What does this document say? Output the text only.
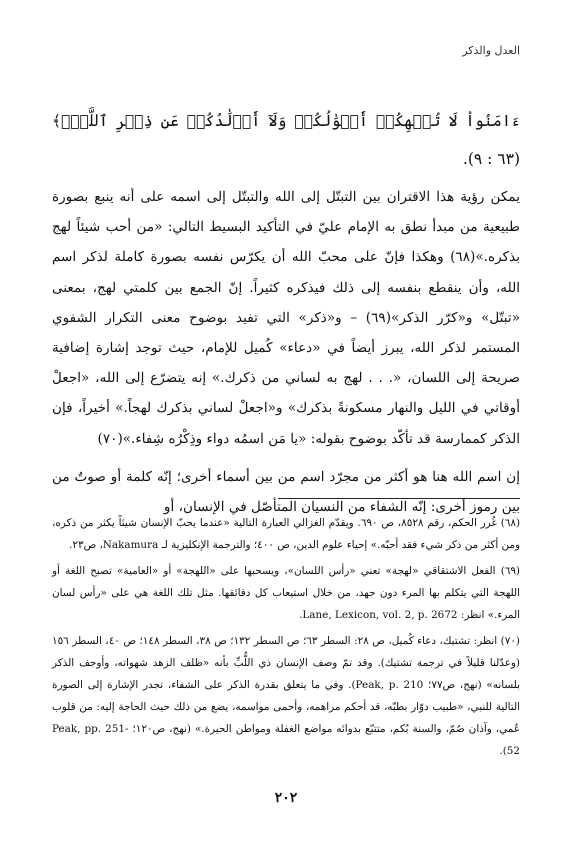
العدل والذكر

ءَامَنُواْ لَا تُلۡهِكُمۡ أَمۡوَٰلُكُمۡ وَلَآ أَوۡلَٰدُكُمۡ عَن ذِكۡرِ ٱللَّهِۚ﴾ (٦٣ : ٩).

يمكن رؤية هذا الاقتران بين التبتّل إلى الله والتبتّل إلى اسمه على أنه ينبع بصورة طبيعية من مبدأ نطق به الإمام عليّ في التأكيد البسيط التالي: «من أحب شيئاً لهج بذكره.»(٦٨) وهكذا فإنّ على محبّ الله أن يكرّس نفسه بصورة كاملة لذكر اسم الله، وأن ينقطع بنفسه إلى ذلك فيذكره كثيراً. إنّ الجمع بين كلمتي لهج، بمعنى «تبتّل» و«كرّر الذكر»(٦٩) – و«ذكر» التي تفيد بوضوح معنى التكرار الشفوي المستمر لذكر الله، يبرز أيضاً في «دعاء» كُميل للإمام، حيث توجد إشارة إضافية صريحة إلى اللسان، «. . . لهج به لساني من ذكرك.» إنه يتضرّع إلى الله، «اجعلْ أوقاتي في الليل والنهار مسكونةً بذكرك» و«اجعلْ لساني بذكرك لهجاً.» أخيراً، فإن الذكر كممارسة قد تأكّد بوضوح بقوله: «يا مَن اسمُه دواء وذِكْرُه شِفاء.»(٧٠)

إن اسم الله هنا هو أكثر من مجرّد اسم من بين أسماء أخرى؛ إنّه كلمة أو صوتٌ من بين رموز أخرى: إنّه الشفاء من النسيان المتأصّل في الإنسان، أو

(٦٨) غُرر الحكم، رقم ٨٥٢٨، ص ٦٩٠. ويقدّم الغزالي العبارة التالية «عندما يحبّ الإنسان شيئاً يكثر من ذكره، ومن أكثر من ذكر شيء فقد أحبّه.» إحياء علوم الدين، ص ٤٠٠؛ والترجمة الإنكليزية لـ Nakamura، ص٢٣.

(٦٩) الفعل الاشتقاقي «لهجة» تعني «رأس اللسان»، ويسحبها على «اللهجة» أو «العامية» تصبح اللغة أو اللهجة التي يتكلم بها المرء دون جهد، من خلال استيعاب كل دقائقها. مثل تلك اللغة هي على «رأس لسان المرء.» انظر: Lane, Lexicon, vol. 2, p. 2672.

(٧٠) انظر: تشتيك، دعاء كُميل، ص ٢٨: السطر ٦٣؛ ص السطر ١٣٢؛ ص ٣٨، السطر ١٤٨؛ ص ٤٠، السطر ١٥٦ (وعدّلنا قليلاً في ترجمة تشتيك). وقد تمّ وصف الإنسان ذي اللُّبِّ بأنه «ظلف الزهد شهواته، وأوجف الذكر بلسانه» (نهج، ص٧٧؛ Peak, p. 210). وفي ما يتعلق بقدرة الذكر على الشفاء، تجدر الإشارة إلى الصورة التالية للنبي، «طبيب دوّار بطبّه، قد أحكم مراهمه، وأحمى مواسمه، يضع من ذلك حيث الحاجة إليه: من قلوب عُمي، وآذان صُمّ، والسنة بُكم، متتبّع بدوائه مواضع الغفلة ومواطن الحيرة.» (نهج، ص١٢٠؛ Peak, pp. 251-52).

٢٠٢
